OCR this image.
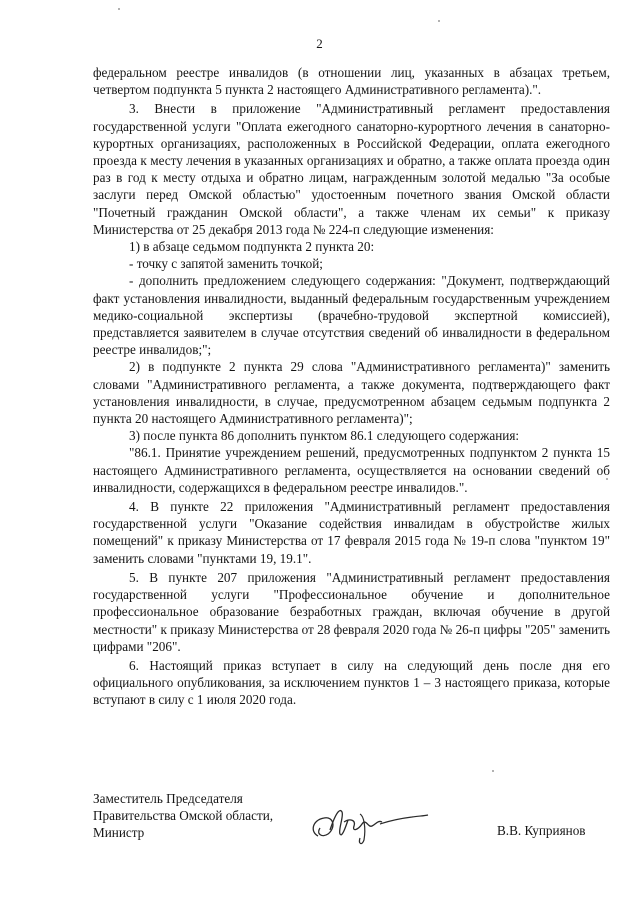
2

федеральном реестре инвалидов (в отношении лиц, указанных в абзацах третьем, четвертом подпункта 5 пункта 2 настоящего Административного регламента).".

3. Внести в приложение "Административный регламент предоставления государственной услуги "Оплата ежегодного санаторно-курортного лечения в санаторно-курортных организациях, расположенных в Российской Федерации, оплата ежегодного проезда к месту лечения в указанных организациях и обратно, а также оплата проезда один раз в год к месту отдыха и обратно лицам, награжденным золотой медалью "За особые заслуги перед Омской областью" удостоенным почетного звания Омской области "Почетный гражданин Омской области", а также членам их семьи" к приказу Министерства от 25 декабря 2013 года № 224-п следующие изменения:

1) в абзаце седьмом подпункта 2 пункта 20:

- точку с запятой заменить точкой;

- дополнить предложением следующего содержания: "Документ, подтверждающий факт установления инвалидности, выданный федеральным государственным учреждением медико-социальной экспертизы (врачебно-трудовой экспертной комиссией), представляется заявителем в случае отсутствия сведений об инвалидности в федеральном реестре инвалидов;";

2) в подпункте 2 пункта 29 слова "Административного регламента)" заменить словами "Административного регламента, а также документа, подтверждающего факт установления инвалидности, в случае, предусмотренном абзацем седьмым подпункта 2 пункта 20 настоящего Административного регламента)";

3) после пункта 86 дополнить пунктом 86.1 следующего содержания:

"86.1. Принятие учреждением решений, предусмотренных подпунктом 2 пункта 15 настоящего Административного регламента, осуществляется на основании сведений об инвалидности, содержащихся в федеральном реестре инвалидов.".

4. В пункте 22 приложения "Административный регламент предоставления государственной услуги "Оказание содействия инвалидам в обустройстве жилых помещений" к приказу Министерства от 17 февраля 2015 года № 19-п слова "пунктом 19" заменить словами "пунктами 19, 19.1".

5. В пункте 207 приложения "Административный регламент предоставления государственной услуги "Профессиональное обучение и дополнительное профессиональное образование безработных граждан, включая обучение в другой местности" к приказу Министерства от 28 февраля 2020 года № 26-п цифры "205" заменить цифрами "206".

6. Настоящий приказ вступает в силу на следующий день после дня его официального опубликования, за исключением пунктов 1 – 3 настоящего приказа, которые вступают в силу с 1 июля 2020 года.

Заместитель Председателя
Правительства Омской области,
Министр	В.В. Куприянов
